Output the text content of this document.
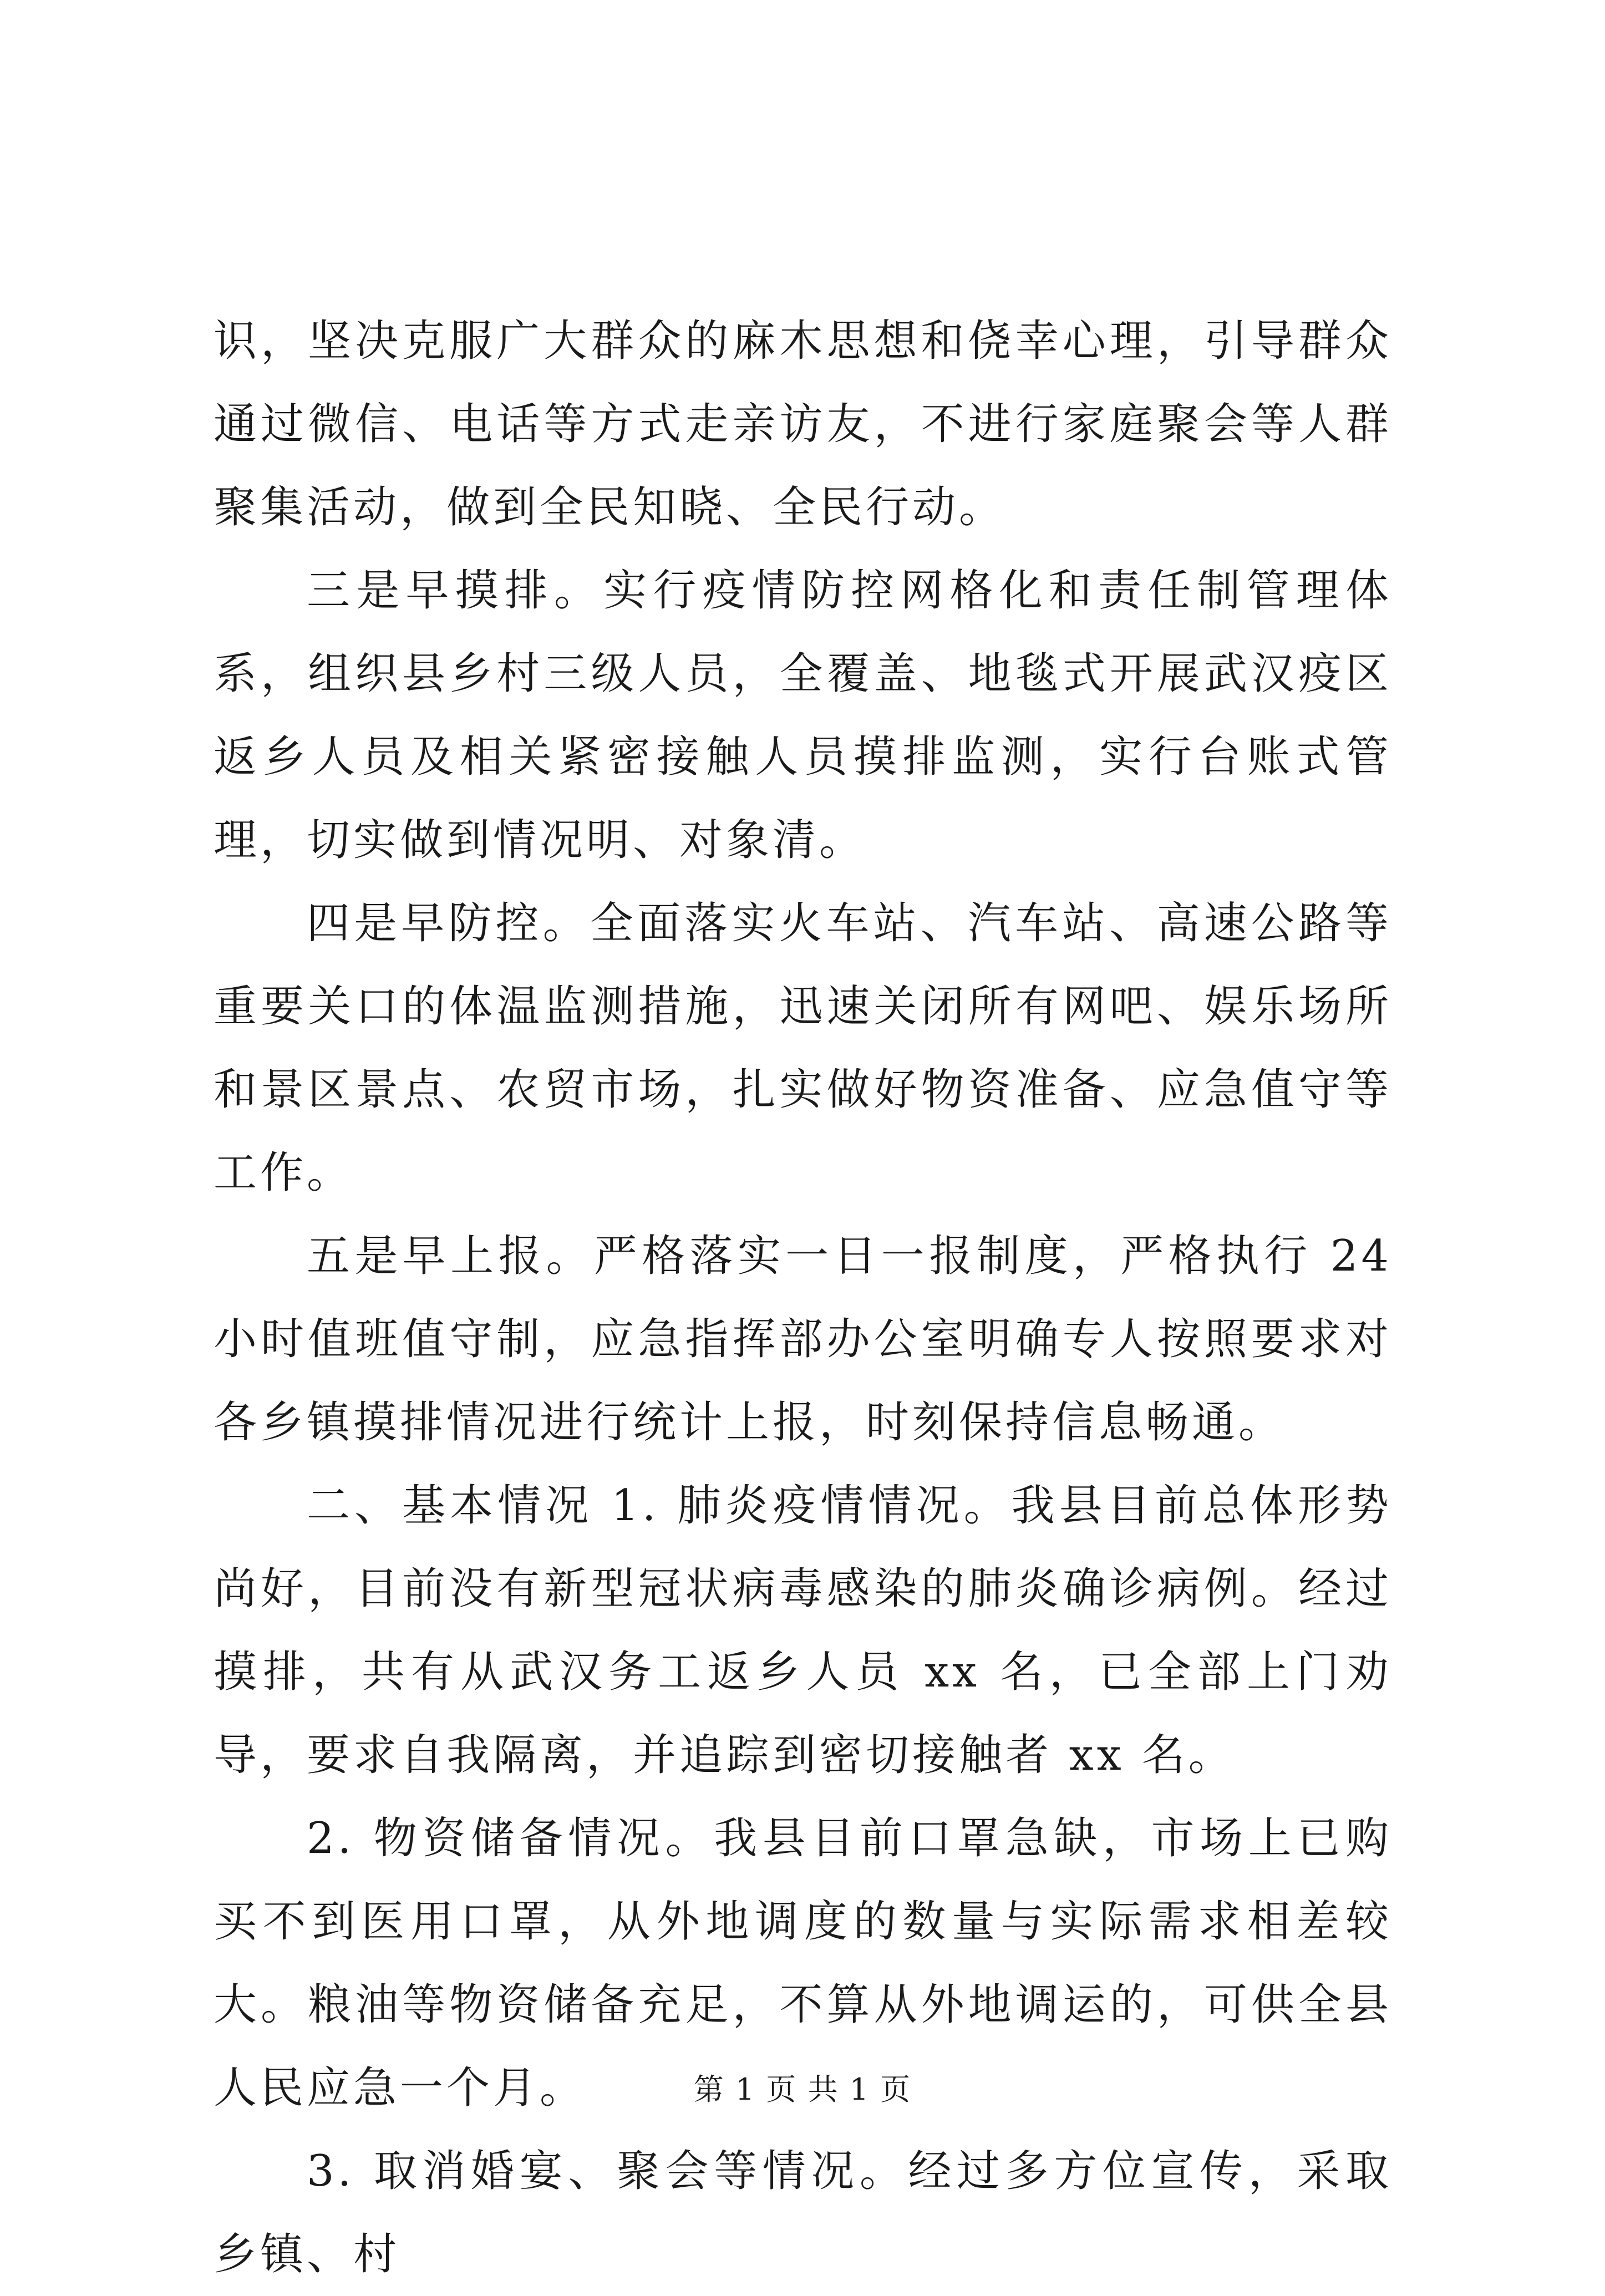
识，坚决克服广大群众的麻木思想和侥幸心理，引导群众通过微信、电话等方式走亲访友，不进行家庭聚会等人群聚集活动，做到全民知晓、全民行动。

三是早摸排。实行疫情防控网格化和责任制管理体系，组织县乡村三级人员，全覆盖、地毯式开展武汉疫区返乡人员及相关紧密接触人员摸排监测，实行台账式管理，切实做到情况明、对象清。

四是早防控。全面落实火车站、汽车站、高速公路等重要关口的体温监测措施，迅速关闭所有网吧、娱乐场所和景区景点、农贸市场，扎实做好物资准备、应急值守等工作。

五是早上报。严格落实一日一报制度，严格执行 24 小时值班值守制，应急指挥部办公室明确专人按照要求对各乡镇摸排情况进行统计上报，时刻保持信息畅通。

二、基本情况 1. 肺炎疫情情况。我县目前总体形势尚好，目前没有新型冠状病毒感染的肺炎确诊病例。经过摸排，共有从武汉务工返乡人员 xx 名，已全部上门劝导，要求自我隔离，并追踪到密切接触者 xx 名。

2. 物资储备情况。我县目前口罩急缺，市场上已购买不到医用口罩，从外地调度的数量与实际需求相差较大。粮油等物资储备充足，不算从外地调运的，可供全县人民应急一个月。

3. 取消婚宴、聚会等情况。经过多方位宣传，采取乡镇、村

第 1 页 共 1 页
